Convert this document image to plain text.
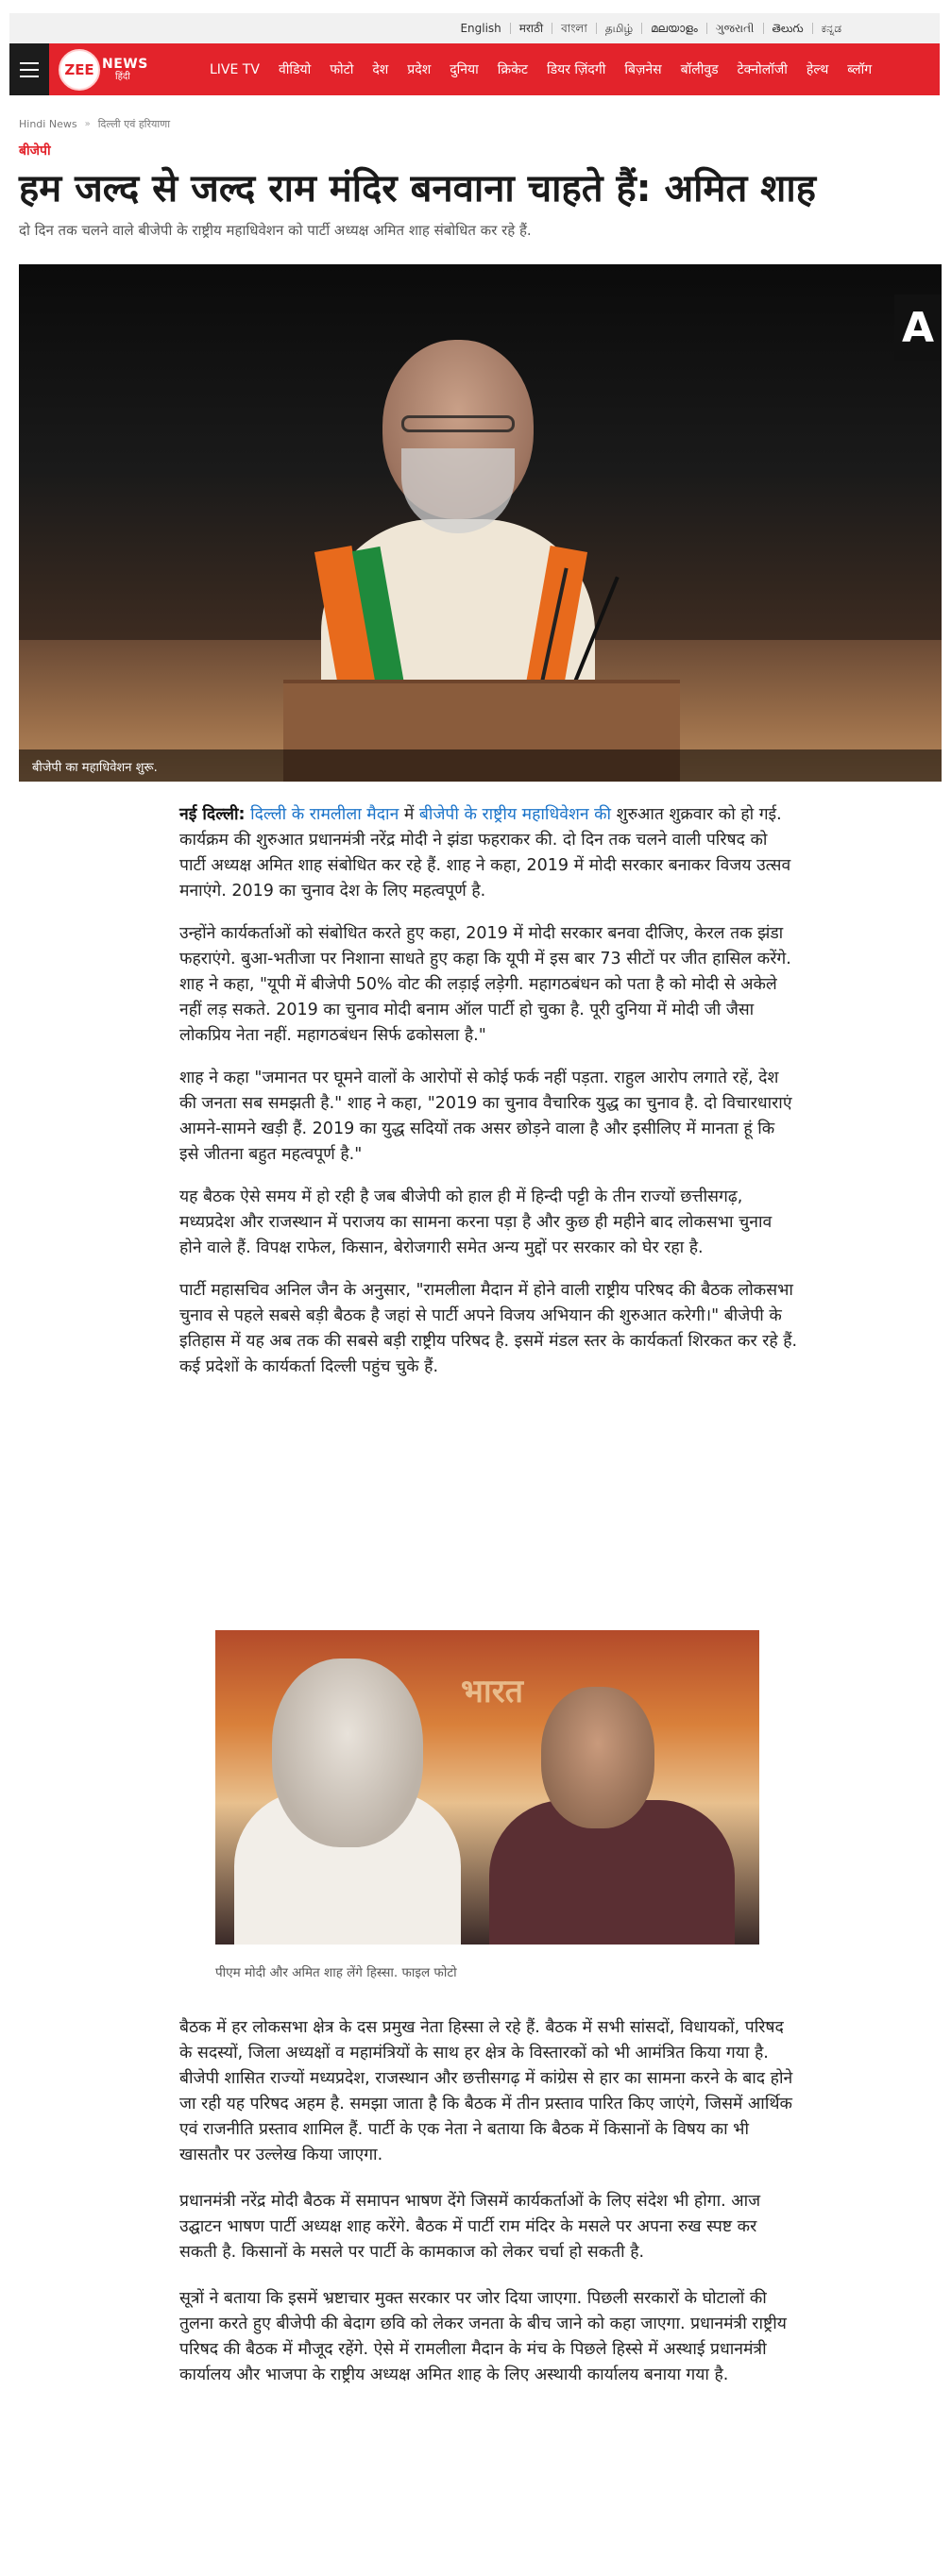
English	मराठी	বাংলা	தமிழ்	മലയാളം	ગુજરાતી	తెలుగు	ಕನ್ನಡ
ZEE NEWS
हिंदी	LIVE TV	वीडियो	फोटो	देश	प्रदेश	दुनिया	क्रिकेट	डियर ज़िंदगी	बिज़नेस	बॉलीवुड	टेक्नोलॉजी	हेल्थ	ब्लॉग
Hindi News » दिल्ली एवं हरियाणा
बीजेपी
हम जल्द से जल्द राम मंदिर बनवाना चाहते हैं: अमित शाह
दो दिन तक चलने वाले बीजेपी के राष्ट्रीय महाधिवेशन को पार्टी अध्यक्ष अमित शाह संबोधित कर रहे हैं.
A
बीजेपी का महाधिवेशन शुरू.

नई दिल्ली: दिल्ली के रामलीला मैदान में बीजेपी के राष्ट्रीय महाधिवेशन की शुरुआत शुक्रवार को हो गई. कार्यक्रम की शुरुआत प्रधानमंत्री नरेंद्र मोदी ने झंडा फहराकर की. दो दिन तक चलने वाली परिषद को पार्टी अध्यक्ष अमित शाह संबोधित कर रहे हैं. शाह ने कहा, 2019 में मोदी सरकार बनाकर विजय उत्सव मनाएंगे. 2019 का चुनाव देश के लिए महत्वपूर्ण है.

उन्होंने कार्यकर्ताओं को संबोधित करते हुए कहा, 2019 में मोदी सरकार बनवा दीजिए, केरल तक झंडा फहराएंगे. बुआ-भतीजा पर निशाना साधते हुए कहा कि यूपी में इस बार 73 सीटों पर जीत हासिल करेंगे.

शाह ने कहा, "यूपी में बीजेपी 50% वोट की लड़ाई लड़ेगी. महागठबंधन को पता है को मोदी से अकेले नहीं लड़ सकते. 2019 का चुनाव मोदी बनाम ऑल पार्टी हो चुका है. पूरी दुनिया में मोदी जी जैसा लोकप्रिय नेता नहीं. महागठबंधन सिर्फ ढकोसला है."

शाह ने कहा "जमानत पर घूमने वालों के आरोपों से कोई फर्क नहीं पड़ता. राहुल आरोप लगाते रहें, देश की जनता सब समझती है." शाह ने कहा, "2019 का चुनाव वैचारिक युद्ध का चुनाव है. दो विचारधाराएं आमने-सामने खड़ी हैं. 2019 का युद्ध सदियों तक असर छोड़ने वाला है और इसीलिए में मानता हूं कि इसे जीतना बहुत महत्वपूर्ण है."

यह बैठक ऐसे समय में हो रही है जब बीजेपी को हाल ही में हिन्दी पट्टी के तीन राज्यों छत्तीसगढ़, मध्यप्रदेश और राजस्थान में पराजय का सामना करना पड़ा है और कुछ ही महीने बाद लोकसभा चुनाव होने वाले हैं. विपक्ष राफेल, किसान, बेरोजगारी समेत अन्य मुद्दों पर सरकार को घेर रहा है.

पार्टी महासचिव अनिल जैन के अनुसार, "रामलीला मैदान में होने वाली राष्ट्रीय परिषद की बैठक लोकसभा चुनाव से पहले सबसे बड़ी बैठक है जहां से पार्टी अपने विजय अभियान की शुरुआत करेगी।" बीजेपी के इतिहास में यह अब तक की सबसे बड़ी राष्ट्रीय परिषद है. इसमें मंडल स्तर के कार्यकर्ता शिरकत कर रहे हैं. कई प्रदेशों के कार्यकर्ता दिल्ली पहुंच चुके हैं.

भारत
पीएम मोदी और अमित शाह लेंगे हिस्सा. फाइल फोटो

बैठक में हर लोकसभा क्षेत्र के दस प्रमुख नेता हिस्सा ले रहे हैं. बैठक में सभी सांसदों, विधायकों, परिषद के सदस्यों, जिला अध्यक्षों व महामंत्रियों के साथ हर क्षेत्र के विस्तारकों को भी आमंत्रित किया गया है. बीजेपी शासित राज्यों मध्यप्रदेश, राजस्थान और छत्तीसगढ़ में कांग्रेस से हार का सामना करने के बाद होने जा रही यह परिषद अहम है. समझा जाता है कि बैठक में तीन प्रस्ताव पारित किए जाएंगे, जिसमें आर्थिक एवं राजनीति प्रस्ताव शामिल हैं. पार्टी के एक नेता ने बताया कि बैठक में किसानों के विषय का भी खासतौर पर उल्लेख किया जाएगा.

प्रधानमंत्री नरेंद्र मोदी बैठक में समापन भाषण देंगे जिसमें कार्यकर्ताओं के लिए संदेश भी होगा. आज उद्घाटन भाषण पार्टी अध्यक्ष शाह करेंगे. बैठक में पार्टी राम मंदिर के मसले पर अपना रुख स्पष्ट कर सकती है. किसानों के मसले पर पार्टी के कामकाज को लेकर चर्चा हो सकती है.

सूत्रों ने बताया कि इसमें भ्रष्टाचार मुक्त सरकार पर जोर दिया जाएगा. पिछली सरकारों के घोटालों की तुलना करते हुए बीजेपी की बेदाग छवि को लेकर जनता के बीच जाने को कहा जाएगा. प्रधानमंत्री राष्ट्रीय परिषद की बैठक में मौजूद रहेंगे. ऐसे में रामलीला मैदान के मंच के पिछले हिस्से में अस्थाई प्रधानमंत्री कार्यालय और भाजपा के राष्ट्रीय अध्यक्ष अमित शाह के लिए अस्थायी कार्यालय बनाया गया है.
